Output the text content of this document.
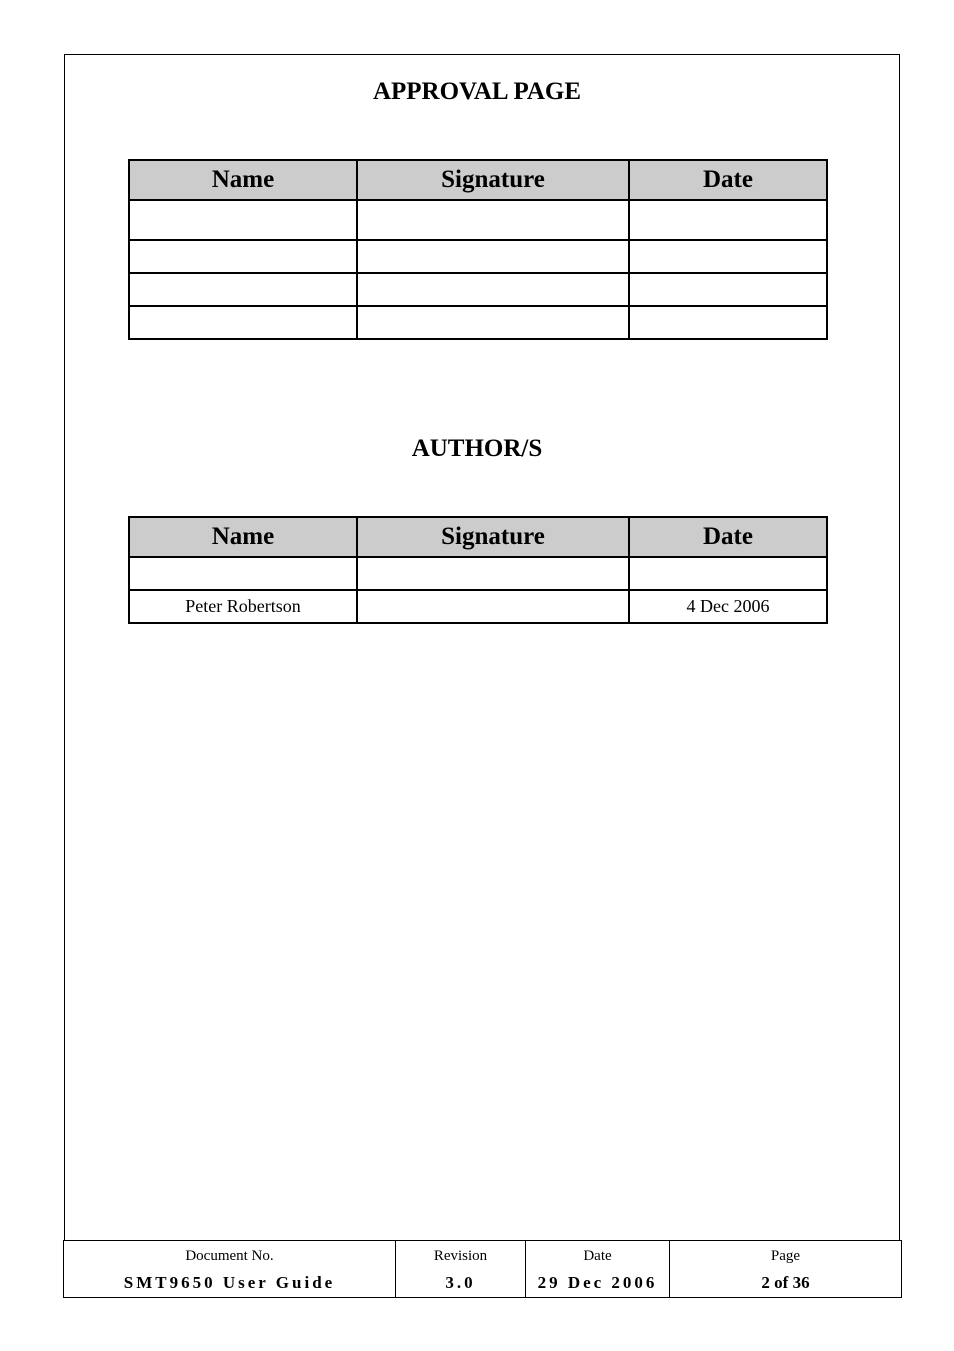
APPROVAL PAGE
Name	Signature	Date

AUTHOR/S
Name	Signature	Date

Peter Robertson		4 Dec 2006
Document No.	Revision	Date	Page
SMT9650 User Guide	3.0	29 Dec 2006	2 of 36
